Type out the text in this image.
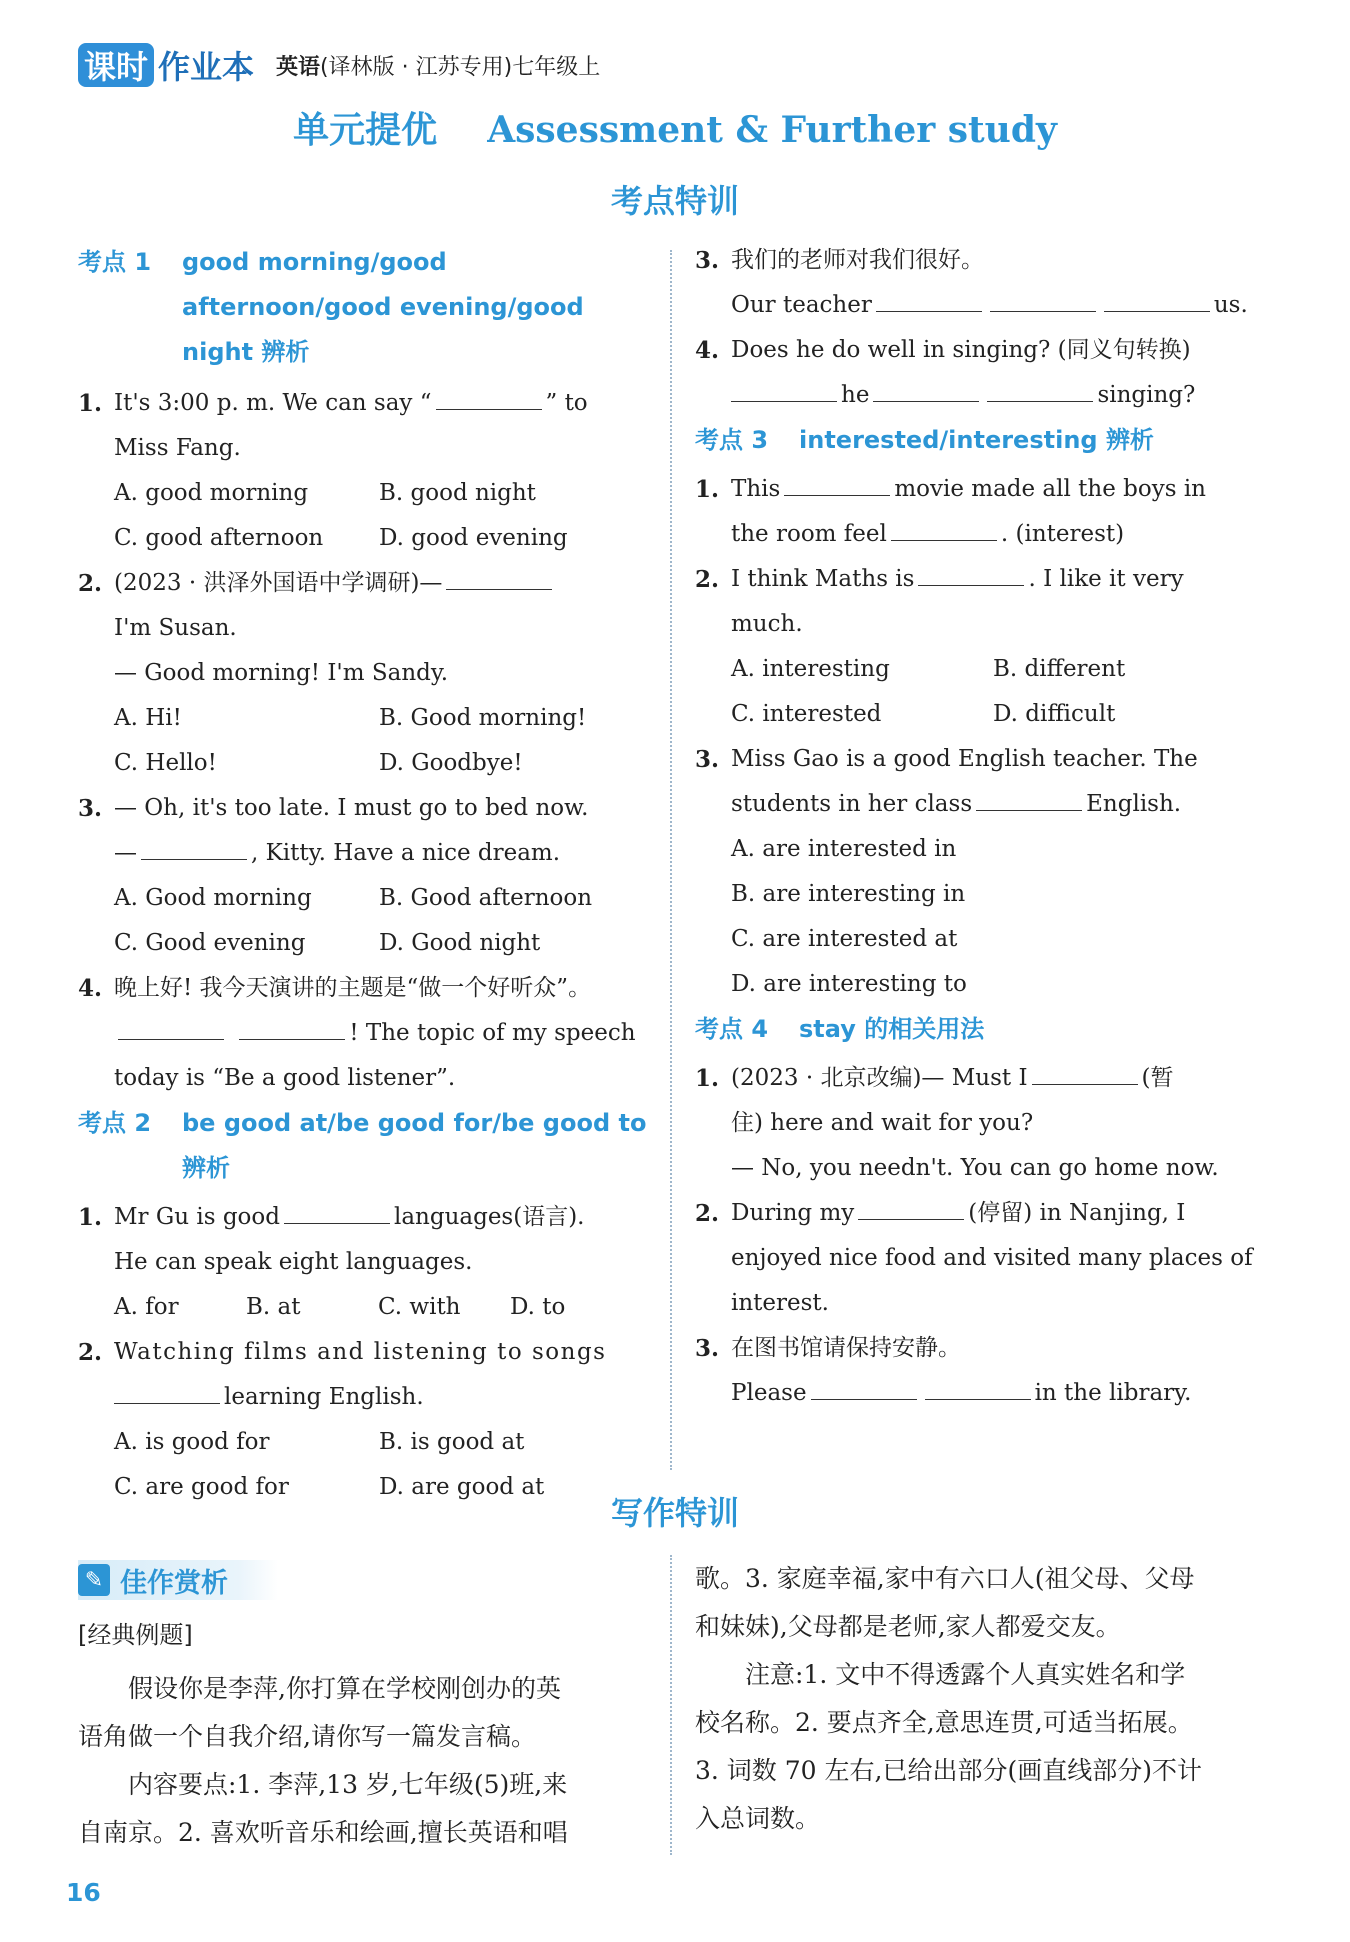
课时 作业本 英语(译林版 · 江苏专用)七年级上
单元提优    Assessment & Further study
考点特训
考点 1	good morning/good afternoon/good evening/good night 辨析
1. It's 3:00 p. m. We can say “	” to
Miss Fang.
A. good morning	B. good night
C. good afternoon	D. good evening
2. (2023 · 洪泽外国语中学调研)—
I'm Susan.
— Good morning! I'm Sandy.
A. Hi!	B. Good morning!
C. Hello!	D. Goodbye!
3. — Oh, it's too late. I must go to bed now.
—	, Kitty. Have a nice dream.
A. Good morning	B. Good afternoon
C. Good evening	D. Good night
4. 晚上好! 我今天演讲的主题是“做一个好听众”。
! The topic of my speech
today is “Be a good listener”.
考点 2	be good at/be good for/be good to 辨析
1. Mr Gu is good	languages(语言).
He can speak eight languages.
A. for	B. at	C. with	D. to
2. Watching films and listening to songs
learning English.
A. is good for	B. is good at
C. are good for	D. are good at
3. 我们的老师对我们很好。
Our teacher	us.
4. Does he do well in singing? (同义句转换)
he	singing?
考点 3	interested/interesting 辨析
1. This	movie made all the boys in
the room feel	. (interest)
2. I think Maths is	. I like it very
much.
A. interesting	B. different
C. interested	D. difficult
3. Miss Gao is a good English teacher. The
students in her class	English.
A. are interested in
B. are interesting in
C. are interested at
D. are interesting to
考点 4	stay 的相关用法
1. (2023 · 北京改编)— Must I	(暂
住) here and wait for you?
— No, you needn't. You can go home now.
2. During my	(停留) in Nanjing, I
enjoyed nice food and visited many places of
interest.
3. 在图书馆请保持安静。
Please	in the library.
写作特训
✎ 佳作赏析
[经典例题]
假设你是李萍,你打算在学校刚创办的英
语角做一个自我介绍,请你写一篇发言稿。
内容要点:1. 李萍,13 岁,七年级(5)班,来
自南京。2. 喜欢听音乐和绘画,擅长英语和唱
歌。3. 家庭幸福,家中有六口人(祖父母、父母
和妹妹),父母都是老师,家人都爱交友。
注意:1. 文中不得透露个人真实姓名和学
校名称。2. 要点齐全,意思连贯,可适当拓展。
3. 词数 70 左右,已给出部分(画直线部分)不计
入总词数。
16
